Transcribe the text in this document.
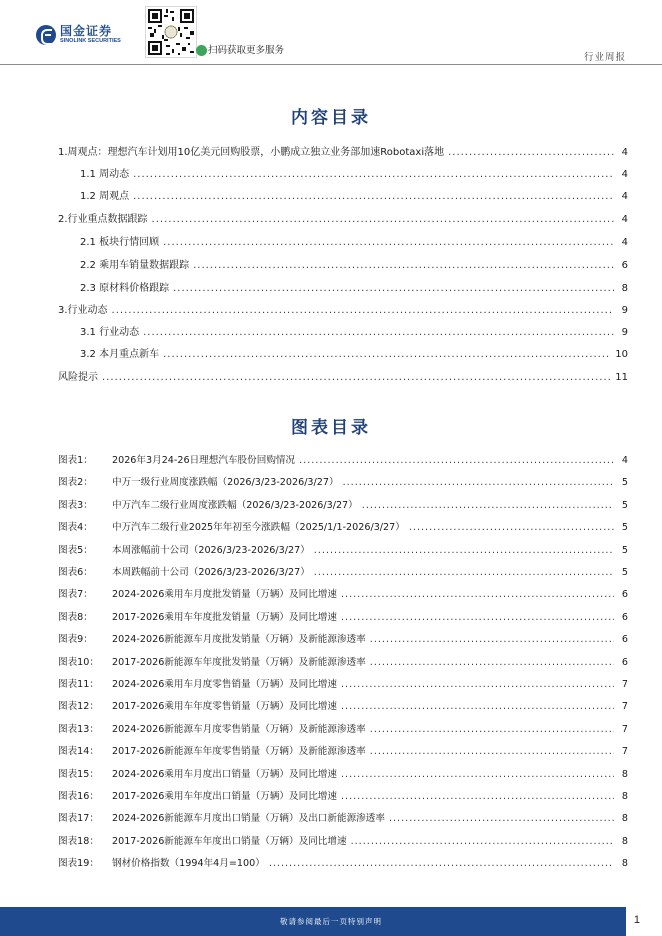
国金证券
SINOLINK SECURITIES
扫码获取更多服务
行业周报
内容目录
1.周观点：理想汽车计划用10亿美元回购股票，小鹏成立独立业务部加速Robotaxi落地 .....	4
1.1 周动态 .....	4
1.2 周观点 .....	4
2.行业重点数据跟踪 .....	4
2.1 板块行情回顾 .....	4
2.2 乘用车销量数据跟踪 .....	6
2.3 原材料价格跟踪 .....	8
3.行业动态 .....	9
3.1 行业动态 .....	9
3.2 本月重点新车 .....	10
风险提示 .....	11
图表目录
图表1：	2026年3月24-26日理想汽车股份回购情况 .....	4
图表2：	中万一级行业周度涨跌幅（2026/3/23-2026/3/27） .....	5
图表3：	中万汽车二级行业周度涨跌幅（2026/3/23-2026/3/27） .....	5
图表4：	中万汽车二级行业2025年年初至今涨跌幅（2025/1/1-2026/3/27） .....	5
图表5：	本周涨幅前十公司（2026/3/23-2026/3/27） .....	5
图表6：	本周跌幅前十公司（2026/3/23-2026/3/27） .....	5
图表7：	2024-2026乘用车月度批发销量（万辆）及同比增速 .....	6
图表8：	2017-2026乘用车年度批发销量（万辆）及同比增速 .....	6
图表9：	2024-2026新能源车月度批发销量（万辆）及新能源渗透率 .....	6
图表10：	2017-2026新能源车年度批发销量（万辆）及新能源渗透率 .....	6
图表11：	2024-2026乘用车月度零售销量（万辆）及同比增速 .....	7
图表12：	2017-2026乘用车年度零售销量（万辆）及同比增速 .....	7
图表13：	2024-2026新能源车月度零售销量（万辆）及新能源渗透率 .....	7
图表14：	2017-2026新能源车年度零售销量（万辆）及新能源渗透率 .....	7
图表15：	2024-2026乘用车月度出口销量（万辆）及同比增速 .....	8
图表16：	2017-2026乘用车年度出口销量（万辆）及同比增速 .....	8
图表17：	2024-2026新能源车月度出口销量（万辆）及出口新能源渗透率 .....	8
图表18：	2017-2026新能源车年度出口销量（万辆）及同比增速 .....	8
图表19：	钢材价格指数（1994年4月=100） .....	8
敬请参阅最后一页特别声明	1
